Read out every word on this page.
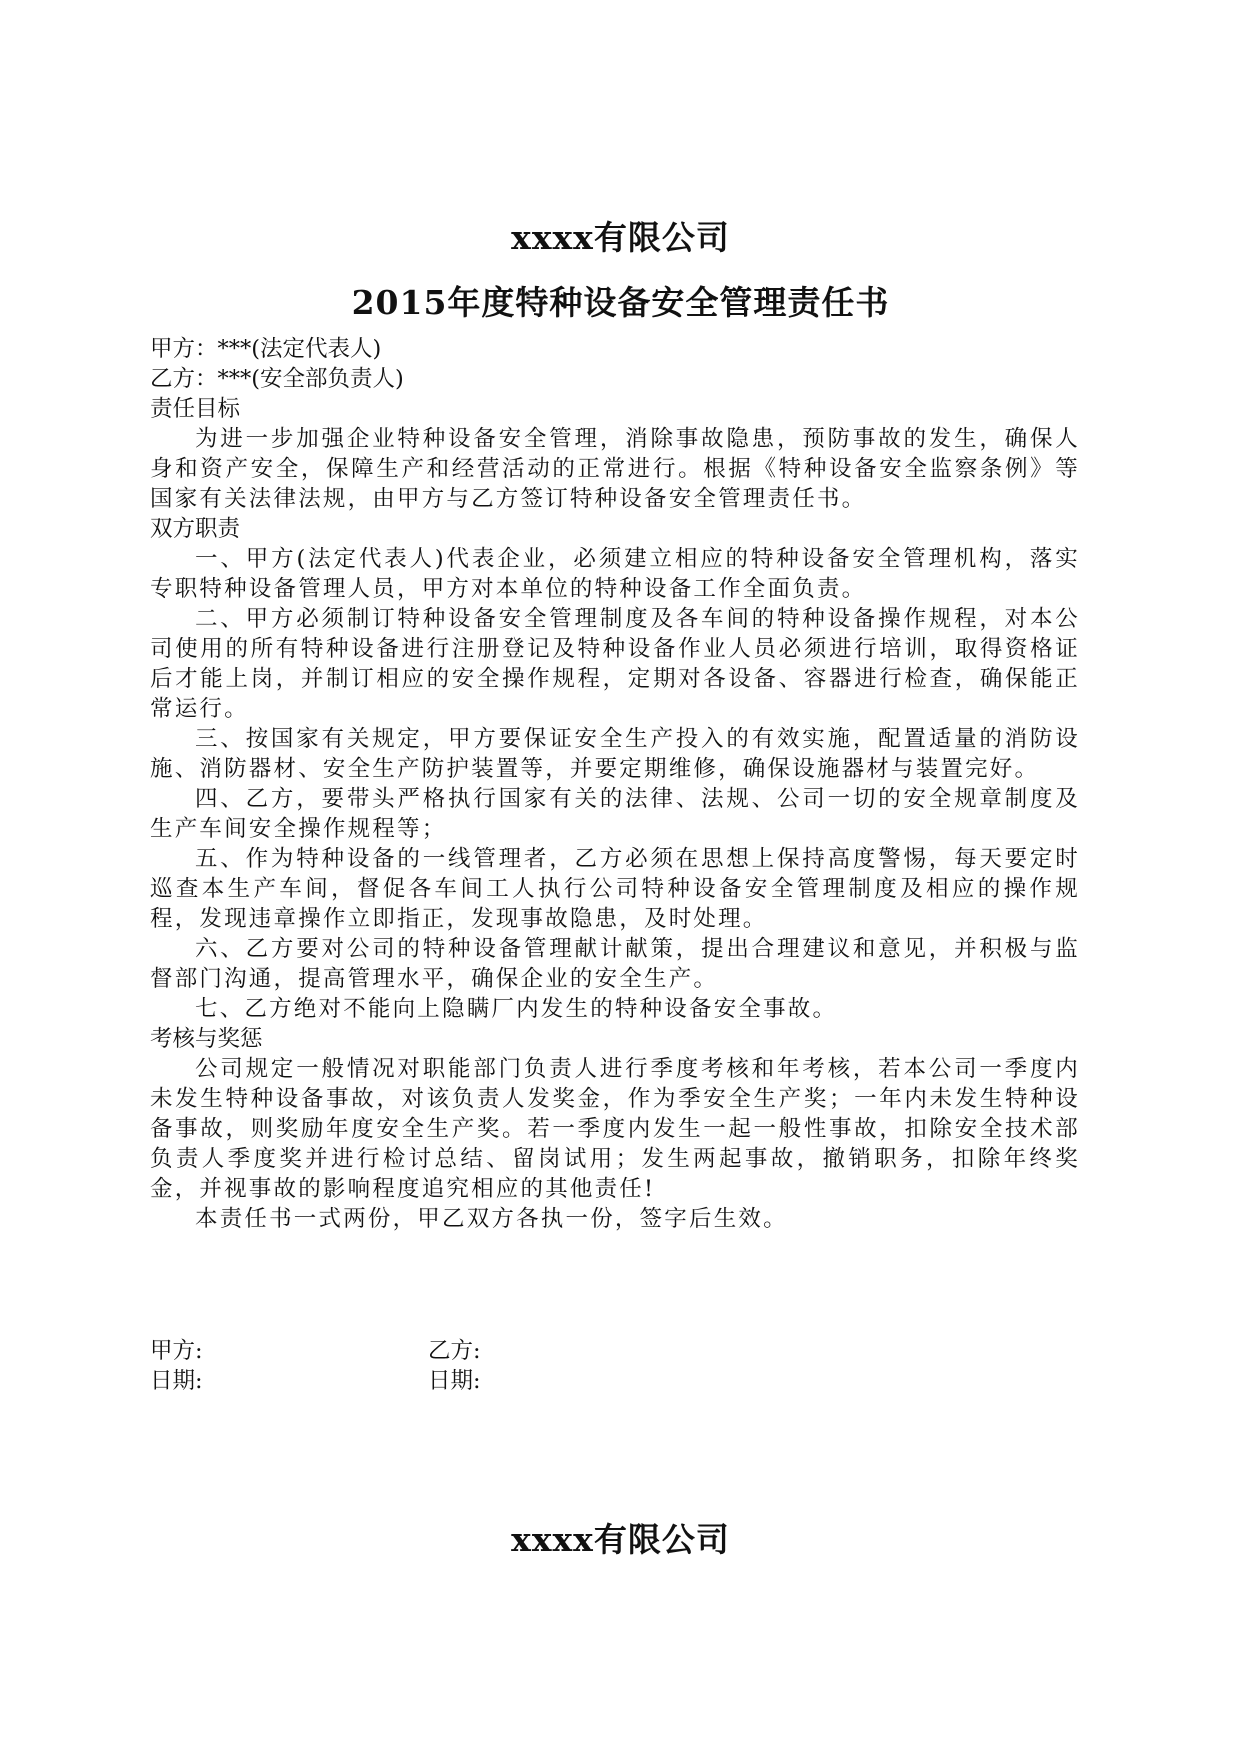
xxxx有限公司
2015年度特种设备安全管理责任书

甲方：***(法定代表人)

乙方：***(安全部负责人)

责任目标

为进一步加强企业特种设备安全管理，消除事故隐患，预防事故的发生，确保人身和资产安全，保障生产和经营活动的正常进行。根据《特种设备安全监察条例》等国家有关法律法规，由甲方与乙方签订特种设备安全管理责任书。

双方职责

一、甲方(法定代表人)代表企业，必须建立相应的特种设备安全管理机构，落实专职特种设备管理人员，甲方对本单位的特种设备工作全面负责。

二、甲方必须制订特种设备安全管理制度及各车间的特种设备操作规程，对本公司使用的所有特种设备进行注册登记及特种设备作业人员必须进行培训，取得资格证后才能上岗，并制订相应的安全操作规程，定期对各设备、容器进行检查，确保能正常运行。

三、按国家有关规定，甲方要保证安全生产投入的有效实施，配置适量的消防设施、消防器材、安全生产防护装置等，并要定期维修，确保设施器材与装置完好。

四、乙方，要带头严格执行国家有关的法律、法规、公司一切的安全规章制度及生产车间安全操作规程等；

五、作为特种设备的一线管理者，乙方必须在思想上保持高度警惕，每天要定时巡查本生产车间，督促各车间工人执行公司特种设备安全管理制度及相应的操作规程，发现违章操作立即指正，发现事故隐患，及时处理。

六、乙方要对公司的特种设备管理献计献策，提出合理建议和意见，并积极与监督部门沟通，提高管理水平，确保企业的安全生产。

七、乙方绝对不能向上隐瞒厂内发生的特种设备安全事故。

考核与奖惩

公司规定一般情况对职能部门负责人进行季度考核和年考核，若本公司一季度内未发生特种设备事故，对该负责人发奖金，作为季安全生产奖；一年内未发生特种设备事故，则奖励年度安全生产奖。若一季度内发生一起一般性事故，扣除安全技术部负责人季度奖并进行检讨总结、留岗试用；发生两起事故，撤销职务，扣除年终奖金，并视事故的影响程度追究相应的其他责任!

本责任书一式两份，甲乙双方各执一份，签字后生效。

甲方:	乙方:
日期:	日期:
xxxx有限公司
